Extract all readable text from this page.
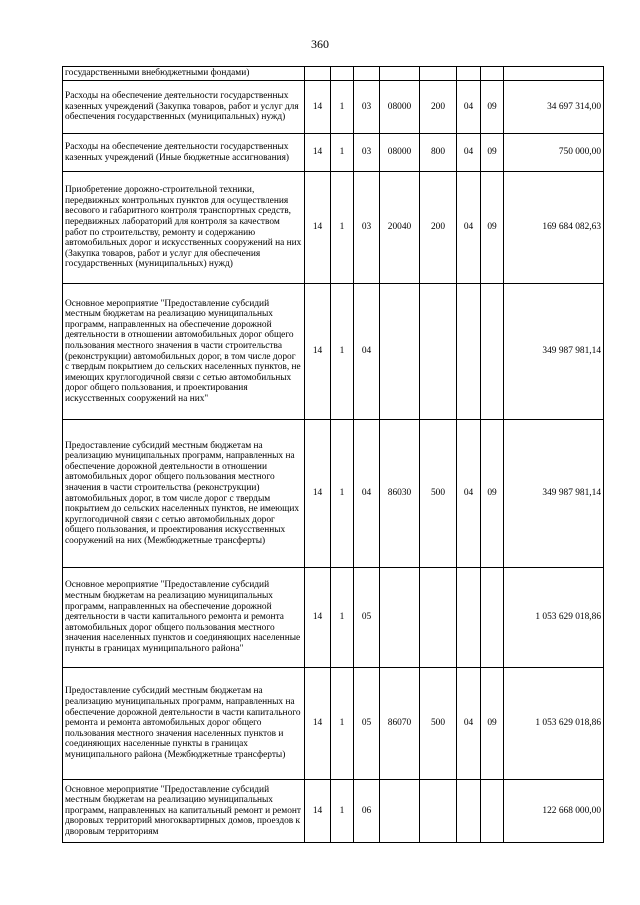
360
государственными внебюджетными фондами)								
Расходы на обеспечение деятельности государственных казенных учреждений (Закупка товаров, работ и услуг для обеспечения государственных (муниципальных) нужд)	14	1	03	08000	200	04	09	34 697 314,00
Расходы на обеспечение деятельности государственных казенных учреждений (Иные бюджетные ассигнования)	14	1	03	08000	800	04	09	750 000,00
Приобретение дорожно-строительной техники, передвижных контрольных пунктов для осуществления весового и габаритного контроля транспортных средств, передвижных лабораторий для контроля за качеством работ по строительству, ремонту и содержанию автомобильных дорог и искусственных сооружений на них (Закупка товаров, работ и услуг для обеспечения государственных (муниципальных) нужд)	14	1	03	20040	200	04	09	169 684 082,63
Основное мероприятие "Предоставление субсидий местным бюджетам на реализацию муниципальных программ, направленных на обеспечение дорожной деятельности в отношении автомобильных дорог общего пользования местного значения в части строительства (реконструкции) автомобильных дорог, в том числе дорог с твердым покрытием до сельских населенных пунктов, не имеющих круглогодичной связи с сетью автомобильных дорог общего пользования, и проектирования искусственных сооружений на них"	14	1	04					349 987 981,14
Предоставление субсидий местным бюджетам на реализацию муниципальных программ, направленных на обеспечение дорожной деятельности в отношении автомобильных дорог общего пользования местного значения в части строительства (реконструкции) автомобильных дорог, в том числе дорог с твердым покрытием до сельских населенных пунктов, не имеющих круглогодичной связи с сетью автомобильных дорог общего пользования, и проектирования искусственных сооружений на них (Межбюджетные трансферты)	14	1	04	86030	500	04	09	349 987 981,14
Основное мероприятие "Предоставление субсидий местным бюджетам на реализацию муниципальных программ, направленных на обеспечение дорожной деятельности в части капитального ремонта и ремонта автомобильных дорог общего пользования местного значения населенных пунктов и соединяющих населенные пункты в границах муниципального района"	14	1	05					1 053 629 018,86
Предоставление субсидий местным бюджетам на реализацию муниципальных программ, направленных на обеспечение дорожной деятельности в части капитального ремонта и ремонта автомобильных дорог общего пользования местного значения населенных пунктов и соединяющих населенные пункты в границах муниципального района (Межбюджетные трансферты)	14	1	05	86070	500	04	09	1 053 629 018,86
Основное мероприятие "Предоставление субсидий местным бюджетам на реализацию муниципальных программ, направленных на капитальный ремонт и ремонт дворовых территорий многоквартирных домов, проездов к дворовым территориям	14	1	06					122 668 000,00
